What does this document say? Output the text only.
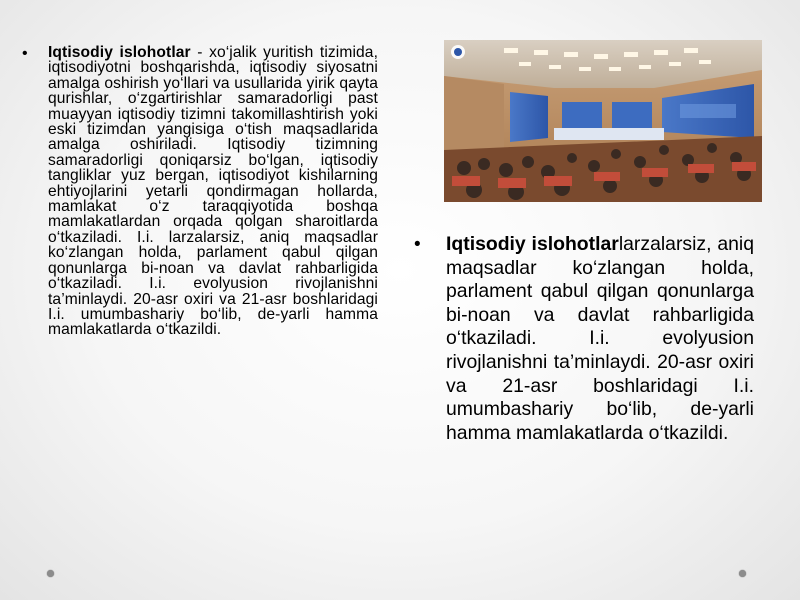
•	Iqtisodiy islohotlar - xo‘jalik yuritish tizimida, iqtisodiyotni boshqarishda, iqtisodiy siyosatni amalga oshirish yo‘llari va usullarida yirik qayta qurishlar, o‘zgartirishlar samaradorligi past muayyan iqtisodiy tizimni takomillashtirish yoki eski tizimdan yangisiga o‘tish maqsadlarida amalga oshiriladi. Iqtisodiy tizimning samaradorligi qoniqarsiz bo‘lgan, iqtisodiy tangliklar yuz bergan, iqtisodiyot kishilarning ehtiyojlarini yetarli qondirmagan hollarda, mamlakat o‘z taraqqiyotida boshqa mamlakatlardan orqada qolgan sharoitlarda o‘tkaziladi. I.i. larzalarsiz, aniq maqsadlar ko‘zlangan holda, parlament qabul qilgan qonunlarga bi-noan va davlat rahbarligida o‘tkaziladi. I.i. evolyusion rivojlanishni ta’minlaydi. 20-asr oxiri va 21-asr boshlaridagi I.i. umumbashariy bo‘lib, de-yarli hamma mamlakatlarda o‘tkazildi.
•	Iqtisodiy islohotlarlarzalarsiz, aniq maqsadlar ko‘zlangan holda, parlament qabul qilgan qonunlarga bi-noan va davlat rahbarligida o‘tkaziladi. I.i. evolyusion rivojlanishni ta’minlaydi. 20-asr oxiri va 21-asr boshlaridagi I.i. umumbashariy bo‘lib, de-yarli hamma mamlakatlarda o‘tkazildi.
